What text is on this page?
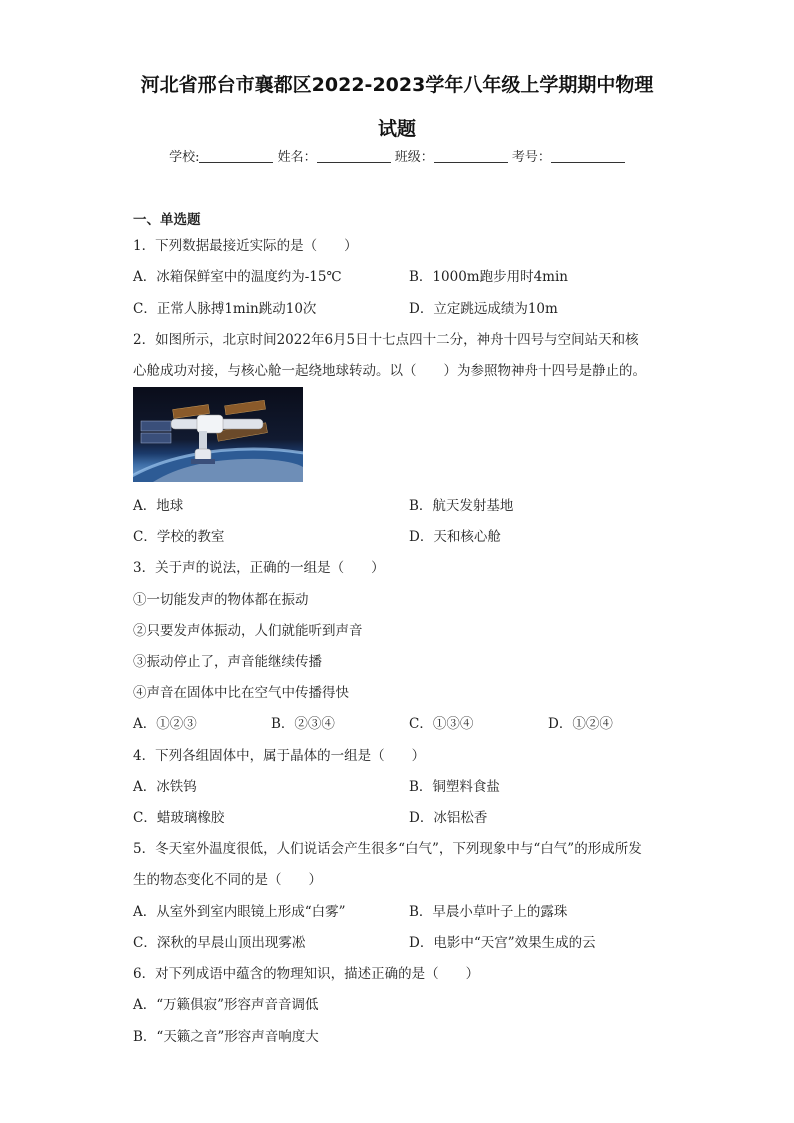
河北省邢台市襄都区2022-2023学年八年级上学期期中物理
试题
学校:	姓名：	班级：	考号：
一、单选题
1．下列数据最接近实际的是（　　）
A．冰箱保鲜室中的温度约为-15℃	B．1000m跑步用时4min
C．正常人脉搏1min跳动10次	D．立定跳远成绩为10m
2．如图所示，北京时间2022年6月5日十七点四十二分，神舟十四号与空间站天和核
心舱成功对接，与核心舱一起绕地球转动。以（　　）为参照物神舟十四号是静止的。
A．地球	B．航天发射基地
C．学校的教室	D．天和核心舱
3．关于声的说法，正确的一组是（　　）
①一切能发声的物体都在振动
②只要发声体振动，人们就能听到声音
③振动停止了，声音能继续传播
④声音在固体中比在空气中传播得快
A．①②③	B．②③④	C．①③④	D．①②④
4．下列各组固体中，属于晶体的一组是（　　）
A．冰铁钨	B．铜塑料食盐
C．蜡玻璃橡胶	D．冰铝松香
5．冬天室外温度很低，人们说话会产生很多“白气”，下列现象中与“白气”的形成所发
生的物态变化不同的是（　　）
A．从室外到室内眼镜上形成“白雾”	B．早晨小草叶子上的露珠
C．深秋的早晨山顶出现雾凇	D．电影中“天宫”效果生成的云
6．对下列成语中蕴含的物理知识，描述正确的是（　　）
A．“万籁俱寂”形容声音音调低
B．“天籁之音”形容声音响度大
